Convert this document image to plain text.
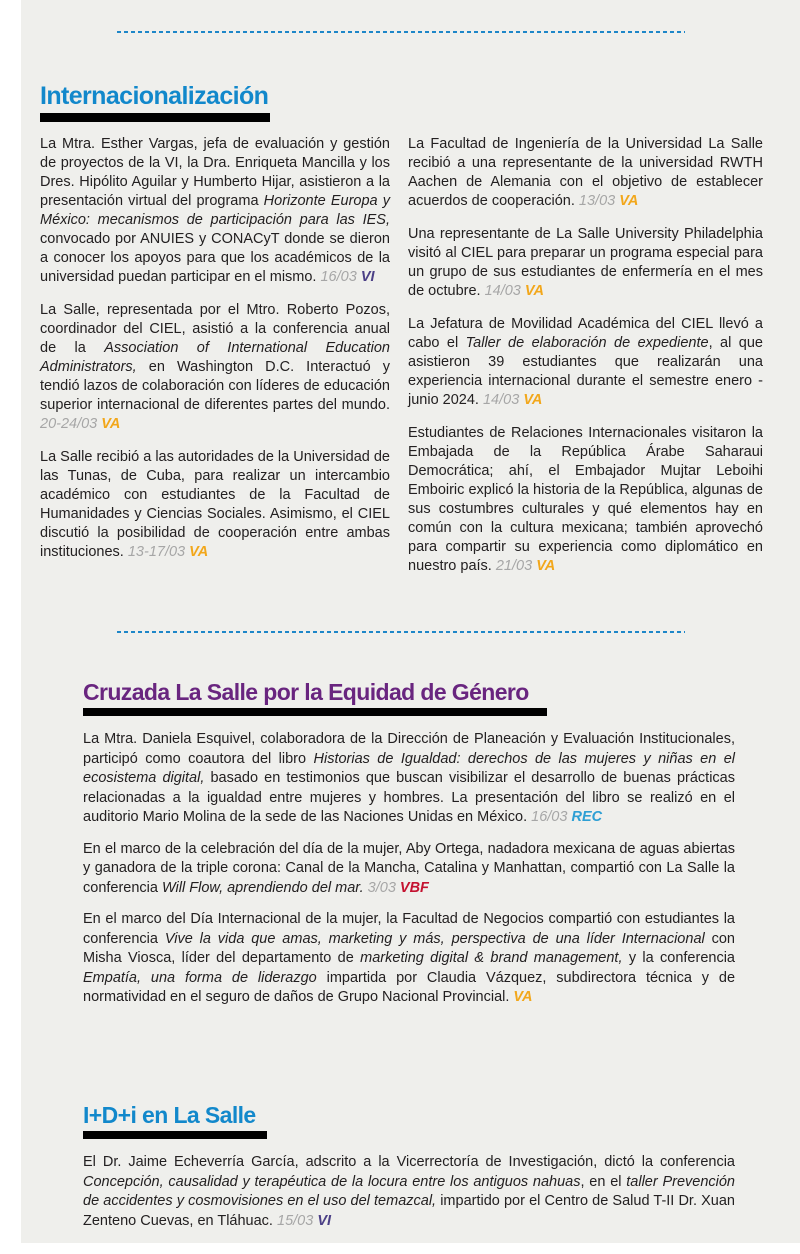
Internacionalización

La Mtra. Esther Vargas, jefa de evaluación y gestión de proyectos de la VI, la Dra. Enriqueta Mancilla y los Dres. Hipólito Aguilar y Humberto Hijar, asistieron a la presentación virtual del programa Horizonte Europa y México: mecanismos de participación para las IES, convocado por ANUIES y CONACyT donde se dieron a conocer los apoyos para que los académicos de la universidad puedan participar en el mismo. 16/03 VI

La Salle, representada por el Mtro. Roberto Pozos, coordinador del CIEL, asistió a la conferencia anual de la Association of International Education Administrators, en Washington D.C. Interactuó y tendió lazos de colaboración con líderes de educación superior internacional de diferentes partes del mundo. 20-24/03 VA

La Salle recibió a las autoridades de la Universidad de las Tunas, de Cuba, para realizar un intercambio académico con estudiantes de la Facultad de Humanidades y Ciencias Sociales. Asimismo, el CIEL discutió la posibilidad de cooperación entre ambas instituciones. 13-17/03 VA

La Facultad de Ingeniería de la Universidad La Salle recibió a una representante de la universidad RWTH Aachen de Alemania con el objetivo de establecer acuerdos de cooperación. 13/03 VA

Una representante de La Salle University Philadelphia visitó al CIEL para preparar un programa especial para un grupo de sus estudiantes de enfermería en el mes de octubre. 14/03 VA

La Jefatura de Movilidad Académica del CIEL llevó a cabo el Taller de elaboración de expediente, al que asistieron 39 estudiantes que realizarán una experiencia internacional durante el semestre enero - junio 2024. 14/03 VA

Estudiantes de Relaciones Internacionales visitaron la Embajada de la República Árabe Saharaui Democrática; ahí, el Embajador Mujtar Leboihi Emboiric explicó la historia de la República, algunas de sus costumbres culturales y qué elementos hay en común con la cultura mexicana; también aprovechó para compartir su experiencia como diplomático en nuestro país. 21/03 VA

Cruzada La Salle por la Equidad de Género

La Mtra. Daniela Esquivel, colaboradora de la Dirección de Planeación y Evaluación Institucionales, participó como coautora del libro Historias de Igualdad: derechos de las mujeres y niñas en el ecosistema digital, basado en testimonios que buscan visibilizar el desarrollo de buenas prácticas relacionadas a la igualdad entre mujeres y hombres. La presentación del libro se realizó en el auditorio Mario Molina de la sede de las Naciones Unidas en México. 16/03 REC

En el marco de la celebración del día de la mujer, Aby Ortega, nadadora mexicana de aguas abiertas y ganadora de la triple corona: Canal de la Mancha, Catalina y Manhattan, compartió con La Salle la conferencia Will Flow, aprendiendo del mar. 3/03 VBF

En el marco del Día Internacional de la mujer, la Facultad de Negocios compartió con estudiantes la conferencia Vive la vida que amas, marketing y más, perspectiva de una líder Internacional con Misha Viosca, líder del departamento de marketing digital & brand management, y la conferencia Empatía, una forma de liderazgo impartida por Claudia Vázquez, subdirectora técnica y de normatividad en el seguro de daños de Grupo Nacional Provincial. VA

I+D+i en La Salle

El Dr. Jaime Echeverría García, adscrito a la Vicerrectoría de Investigación, dictó la conferencia Concepción, causalidad y terapéutica de la locura entre los antiguos nahuas, en el taller Prevención de accidentes y cosmovisiones en el uso del temazcal, impartido por el Centro de Salud T-II Dr. Xuan Zenteno Cuevas, en Tláhuac. 15/03 VI
